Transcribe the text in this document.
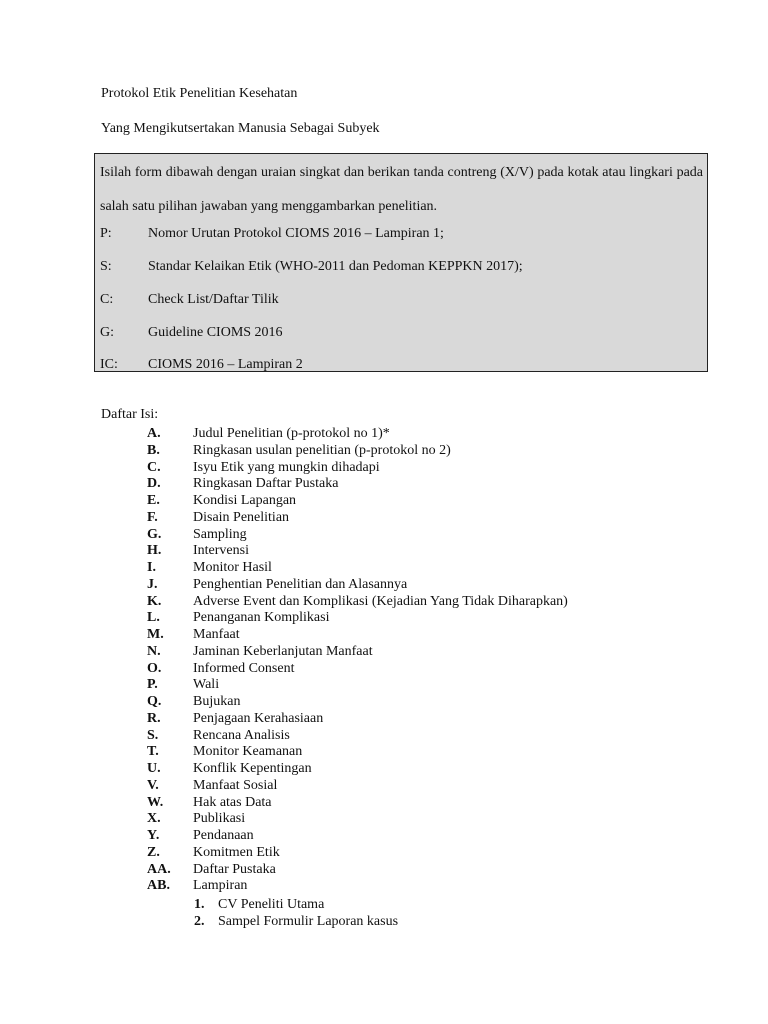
Protokol Etik Penelitian Kesehatan
Yang Mengikutsertakan Manusia Sebagai Subyek
Isilah form dibawah dengan uraian singkat dan berikan tanda contreng (X/V) pada kotak atau lingkari pada salah satu pilihan jawaban yang menggambarkan penelitian.
P:	Nomor Urutan Protokol CIOMS 2016 – Lampiran 1;
S:	Standar Kelaikan Etik (WHO-2011 dan Pedoman KEPPKN 2017);
C: Check List/Daftar Tilik
G: Guideline CIOMS 2016
IC: CIOMS 2016 – Lampiran 2
Daftar Isi:
A. Judul Penelitian (p-protokol no 1)*
B. Ringkasan usulan penelitian (p-protokol no 2)
C. Isyu Etik yang mungkin dihadapi
D. Ringkasan Daftar Pustaka
E. Kondisi Lapangan
F.	Disain Penelitian
G. Sampling
H. Intervensi
I.	Monitor Hasil
J.	Penghentian Penelitian dan Alasannya
K. Adverse Event dan Komplikasi (Kejadian Yang Tidak Diharapkan)
L. Penanganan Komplikasi
M. Manfaat
N. Jaminan Keberlanjutan Manfaat
O. Informed Consent
P.	Wali
Q. Bujukan
R. Penjagaan Kerahasiaan
S. Rencana Analisis
T. Monitor Keamanan
U. Konflik Kepentingan
V. Manfaat Sosial
W. Hak atas Data
X. Publikasi
Y. Pendanaan
Z. Komitmen Etik
AA. Daftar Pustaka
AB. Lampiran
1. CV Peneliti Utama
2. Sampel Formulir Laporan kasus
